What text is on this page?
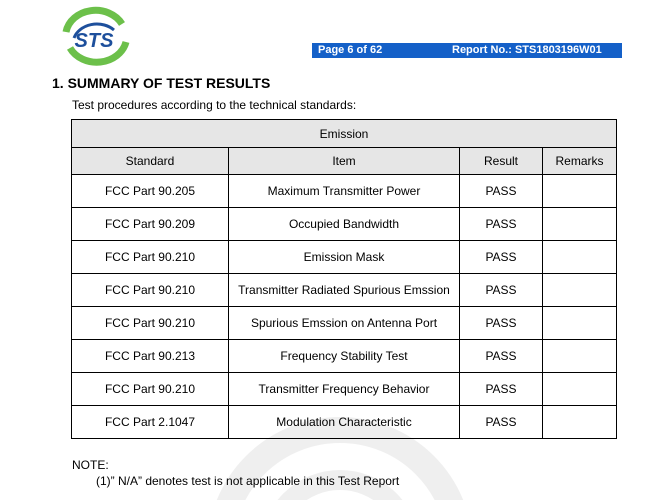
STS	Page 6 of 62	Report No.: STS1803196W01
1. SUMMARY OF TEST RESULTS
Test procedures according to the technical standards:
Emission			
Standard	Item	Result	Remarks
FCC Part 90.205	Maximum Transmitter Power	PASS	
FCC Part 90.209	Occupied Bandwidth	PASS	
FCC Part 90.210	Emission Mask	PASS	
FCC Part 90.210	Transmitter Radiated Spurious Emssion	PASS	
FCC Part 90.210	Spurious Emssion on Antenna Port	PASS	
FCC Part 90.213	Frequency Stability Test	PASS	
FCC Part 90.210	Transmitter Frequency Behavior	PASS	
FCC Part 2.1047	Modulation Characteristic	PASS	
NOTE:
(1)” N/A” denotes test is not applicable in this Test Report
